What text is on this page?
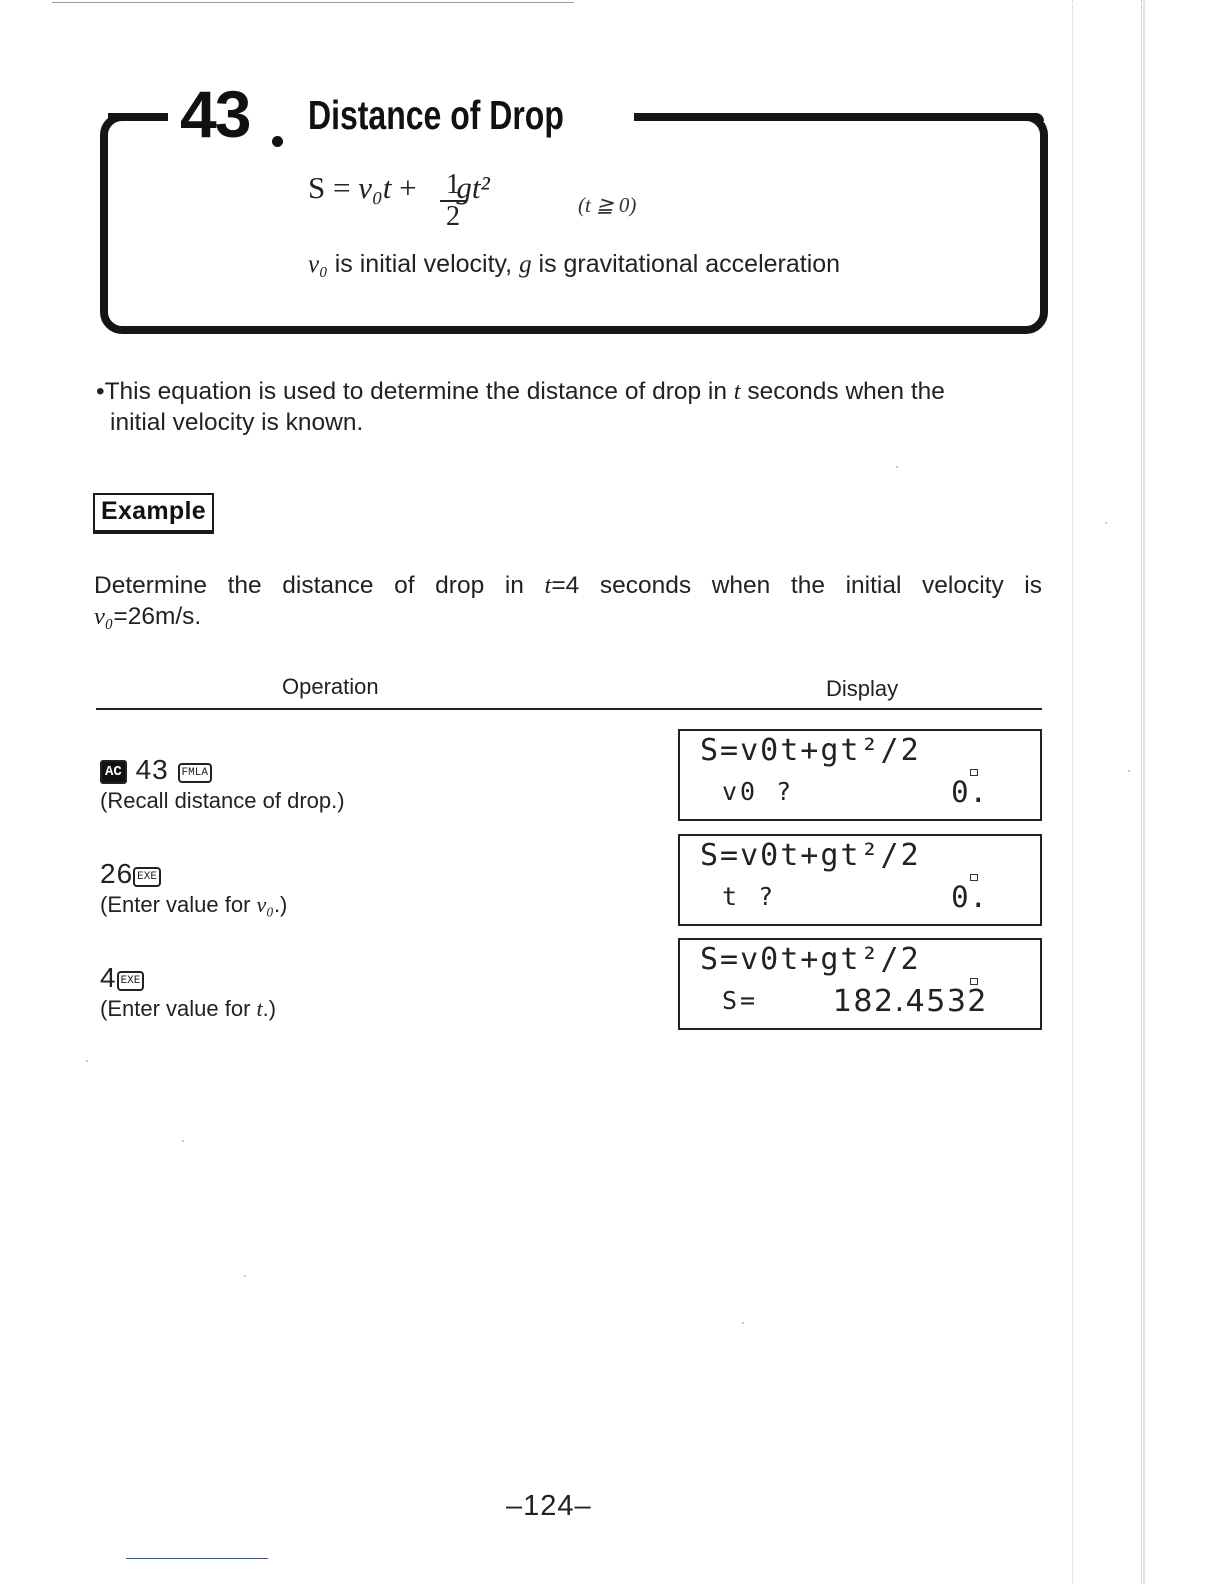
43 Distance of Drop
S = v₀t + gt²
1
2	(t ≧ 0)
v₀ is initial velocity, g is gravitational acceleration
•This equation is used to determine the distance of drop in t seconds when the
initial velocity is known.
Example
Determine the distance of drop in t=4 seconds when the initial velocity is
v₀=26m/s.
Operation	Display
AC 43 FMLA
(Recall distance of drop.)
S=v0t+gt²/2
v0 ?	0.
26 EXE
(Enter value for v₀.)
S=v0t+gt²/2
t ?	0.
4 EXE
(Enter value for t.)
S=v0t+gt²/2
S= 182.4532
–124–
